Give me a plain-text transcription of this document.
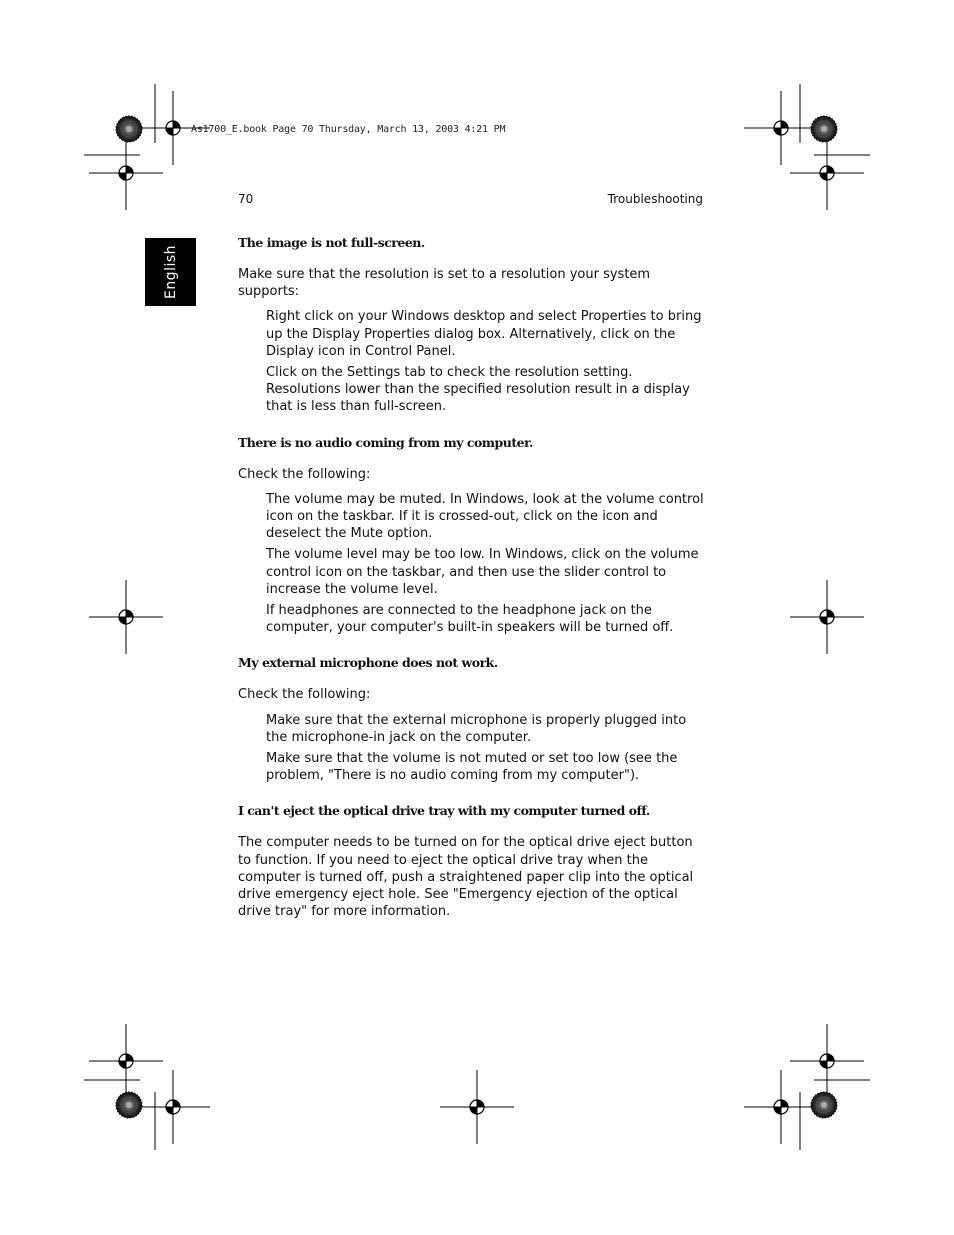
As1700_E.book Page 70 Thursday, March 13, 2003 4:21 PM
70	Troubleshooting
English
The image is not full-screen.

Make sure that the resolution is set to a resolution your system supports:

Right click on your Windows desktop and select Properties to bring up the Display Properties dialog box. Alternatively, click on the Display icon in Control Panel.
Click on the Settings tab to check the resolution setting. Resolutions lower than the specified resolution result in a display that is less than full-screen.
There is no audio coming from my computer.

Check the following:

The volume may be muted. In Windows, look at the volume control icon on the taskbar. If it is crossed-out, click on the icon and deselect the Mute option.
The volume level may be too low. In Windows, click on the volume control icon on the taskbar, and then use the slider control to increase the volume level.
If headphones are connected to the headphone jack on the computer, your computer's built-in speakers will be turned off.
My external microphone does not work.

Check the following:

Make sure that the external microphone is properly plugged into the microphone-in jack on the computer.
Make sure that the volume is not muted or set too low (see the problem, "There is no audio coming from my computer").
I can't eject the optical drive tray with my computer turned off.

The computer needs to be turned on for the optical drive eject button to function. If you need to eject the optical drive tray when the computer is turned off, push a straightened paper clip into the optical drive emergency eject hole. See "Emergency ejection of the optical drive tray" for more information.
